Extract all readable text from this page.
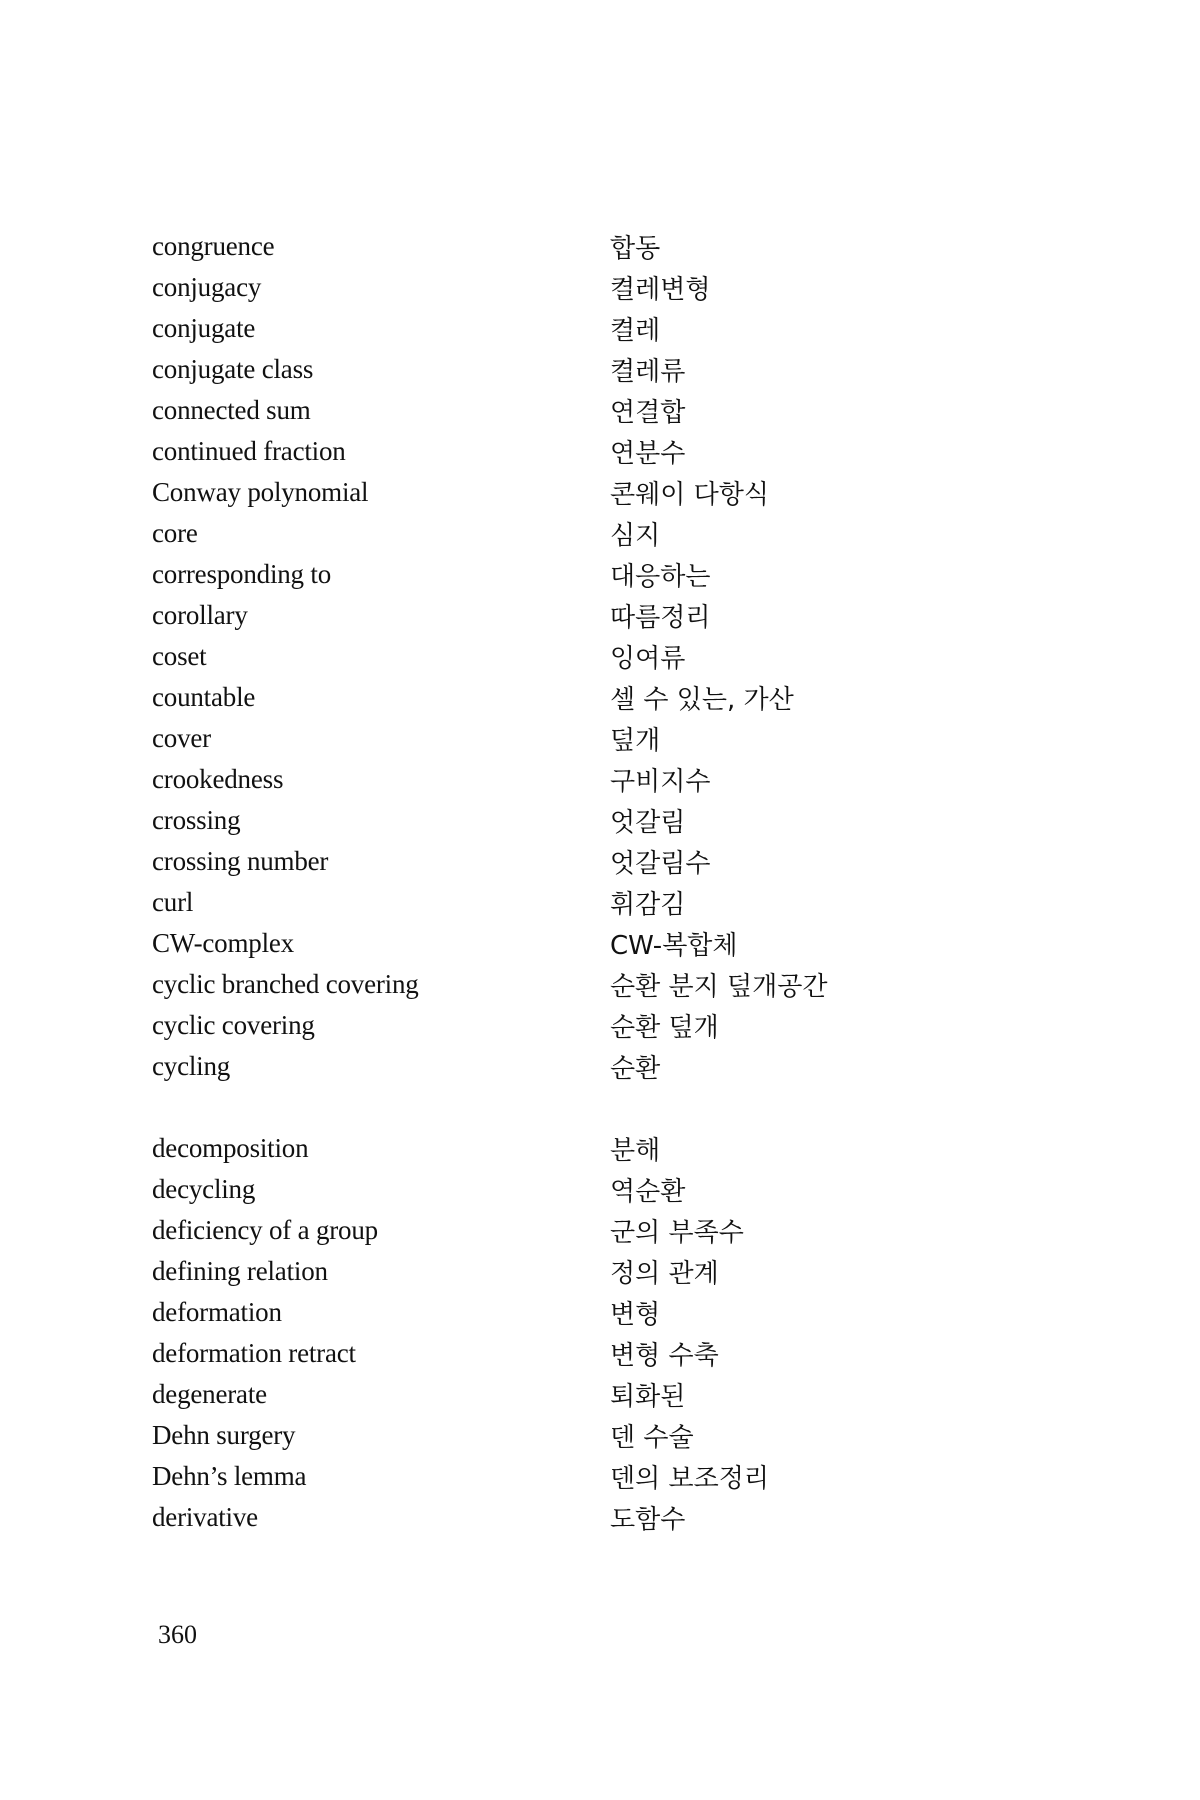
congruence	합동
conjugacy	켤레변형
conjugate	켤레
conjugate class	켤레류
connected sum	연결합
continued fraction	연분수
Conway polynomial	콘웨이 다항식
core	심지
corresponding to	대응하는
corollary	따름정리
coset	잉여류
countable	셀 수 있는, 가산
cover	덮개
crookedness	구비지수
crossing	엇갈림
crossing number	엇갈림수
curl	휘감김
CW-complex	CW-복합체
cyclic branched covering	순환 분지 덮개공간
cyclic covering	순환 덮개
cycling	순환
decomposition	분해
decycling	역순환
deficiency of a group	군의 부족수
defining relation	정의 관계
deformation	변형
deformation retract	변형 수축
degenerate	퇴화된
Dehn surgery	덴 수술
Dehn’s lemma	덴의 보조정리
derivative	도함수
360
